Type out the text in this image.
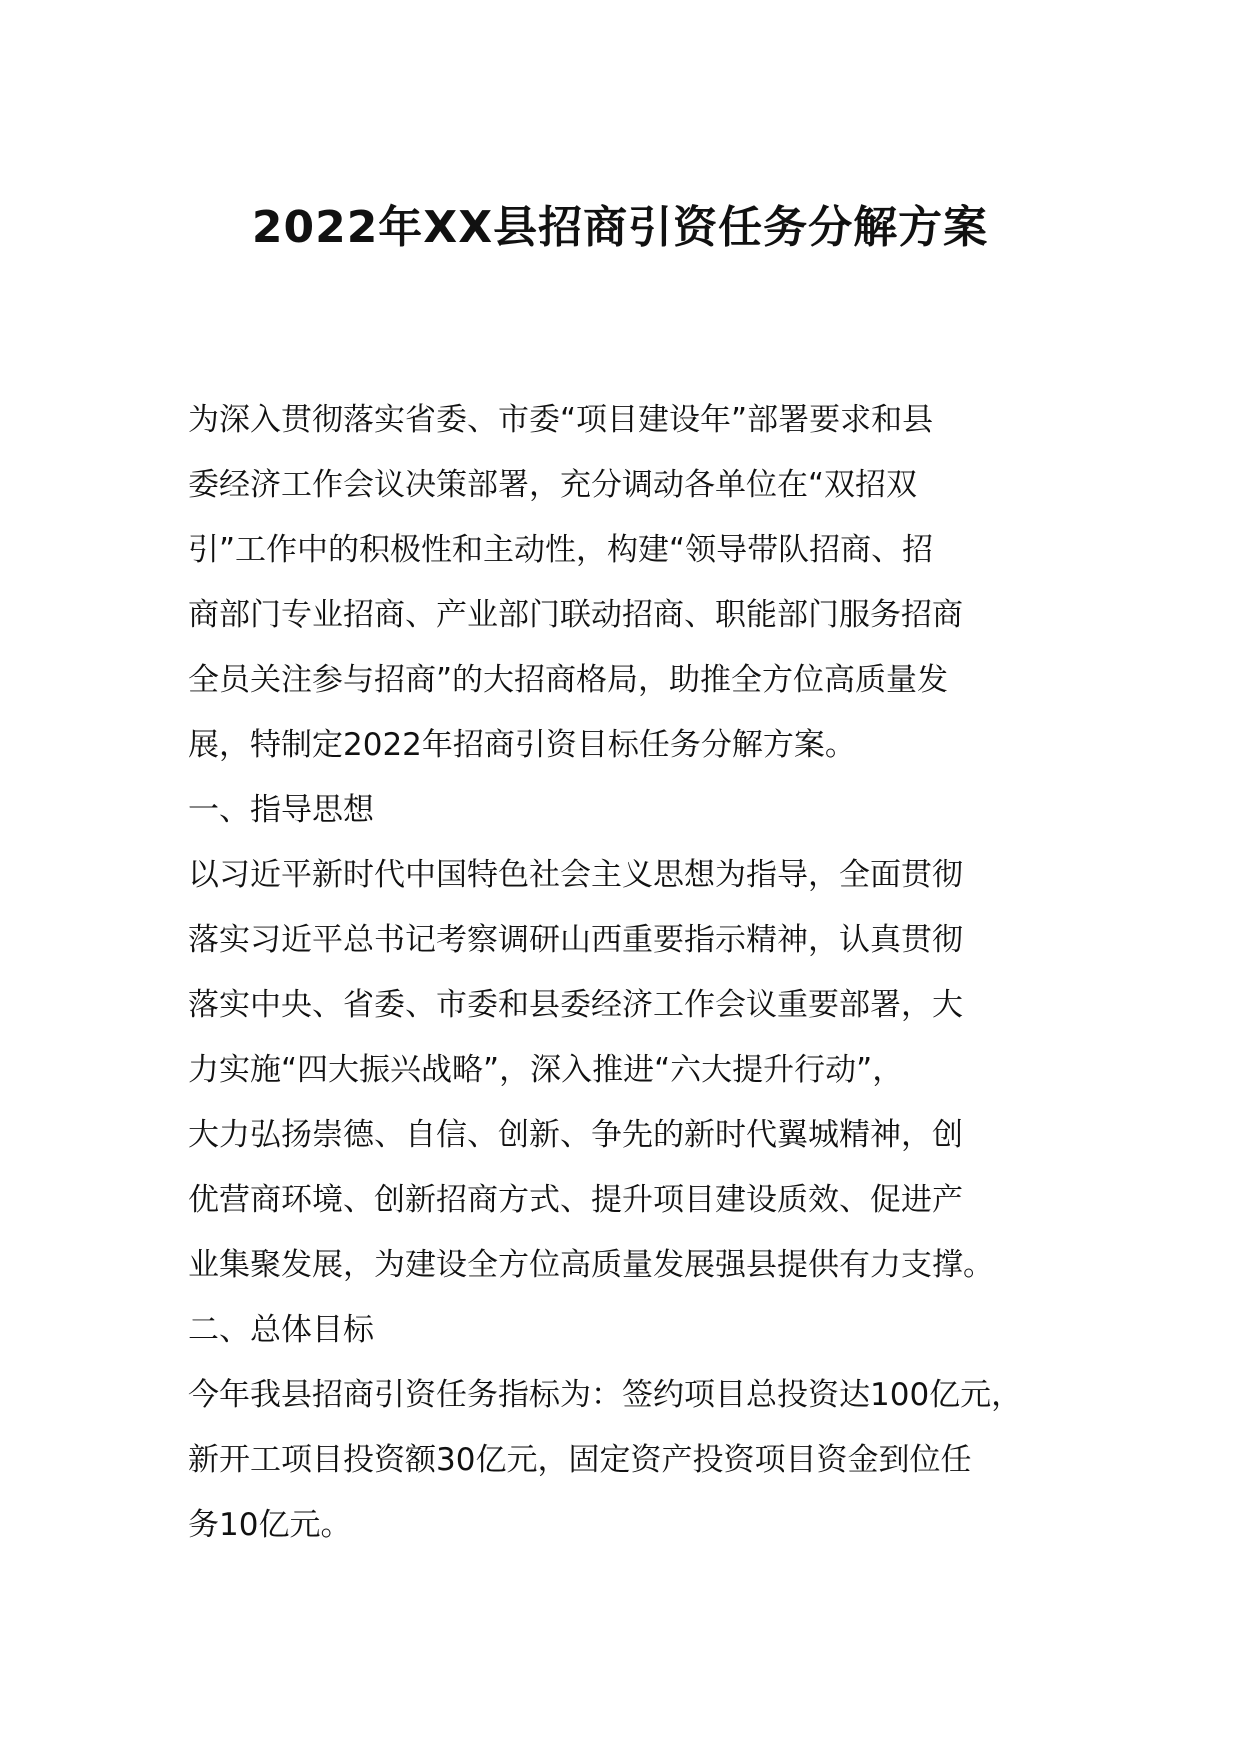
2022年XX县招商引资任务分解方案
为深入贯彻落实省委、市委“项目建设年”部署要求和县
委经济工作会议决策部署，充分调动各单位在“双招双
引”工作中的积极性和主动性，构建“领导带队招商、招
商部门专业招商、产业部门联动招商、职能部门服务招商
全员关注参与招商”的大招商格局，助推全方位高质量发
展，特制定2022年招商引资目标任务分解方案。
一、指导思想
以习近平新时代中国特色社会主义思想为指导，全面贯彻
落实习近平总书记考察调研山西重要指示精神，认真贯彻
落实中央、省委、市委和县委经济工作会议重要部署，大
力实施“四大振兴战略”，深入推进“六大提升行动”，
大力弘扬崇德、自信、创新、争先的新时代翼城精神，创
优营商环境、创新招商方式、提升项目建设质效、促进产
业集聚发展，为建设全方位高质量发展强县提供有力支撑。
二、总体目标
今年我县招商引资任务指标为：签约项目总投资达100亿元，
新开工项目投资额30亿元，固定资产投资项目资金到位任
务10亿元。
